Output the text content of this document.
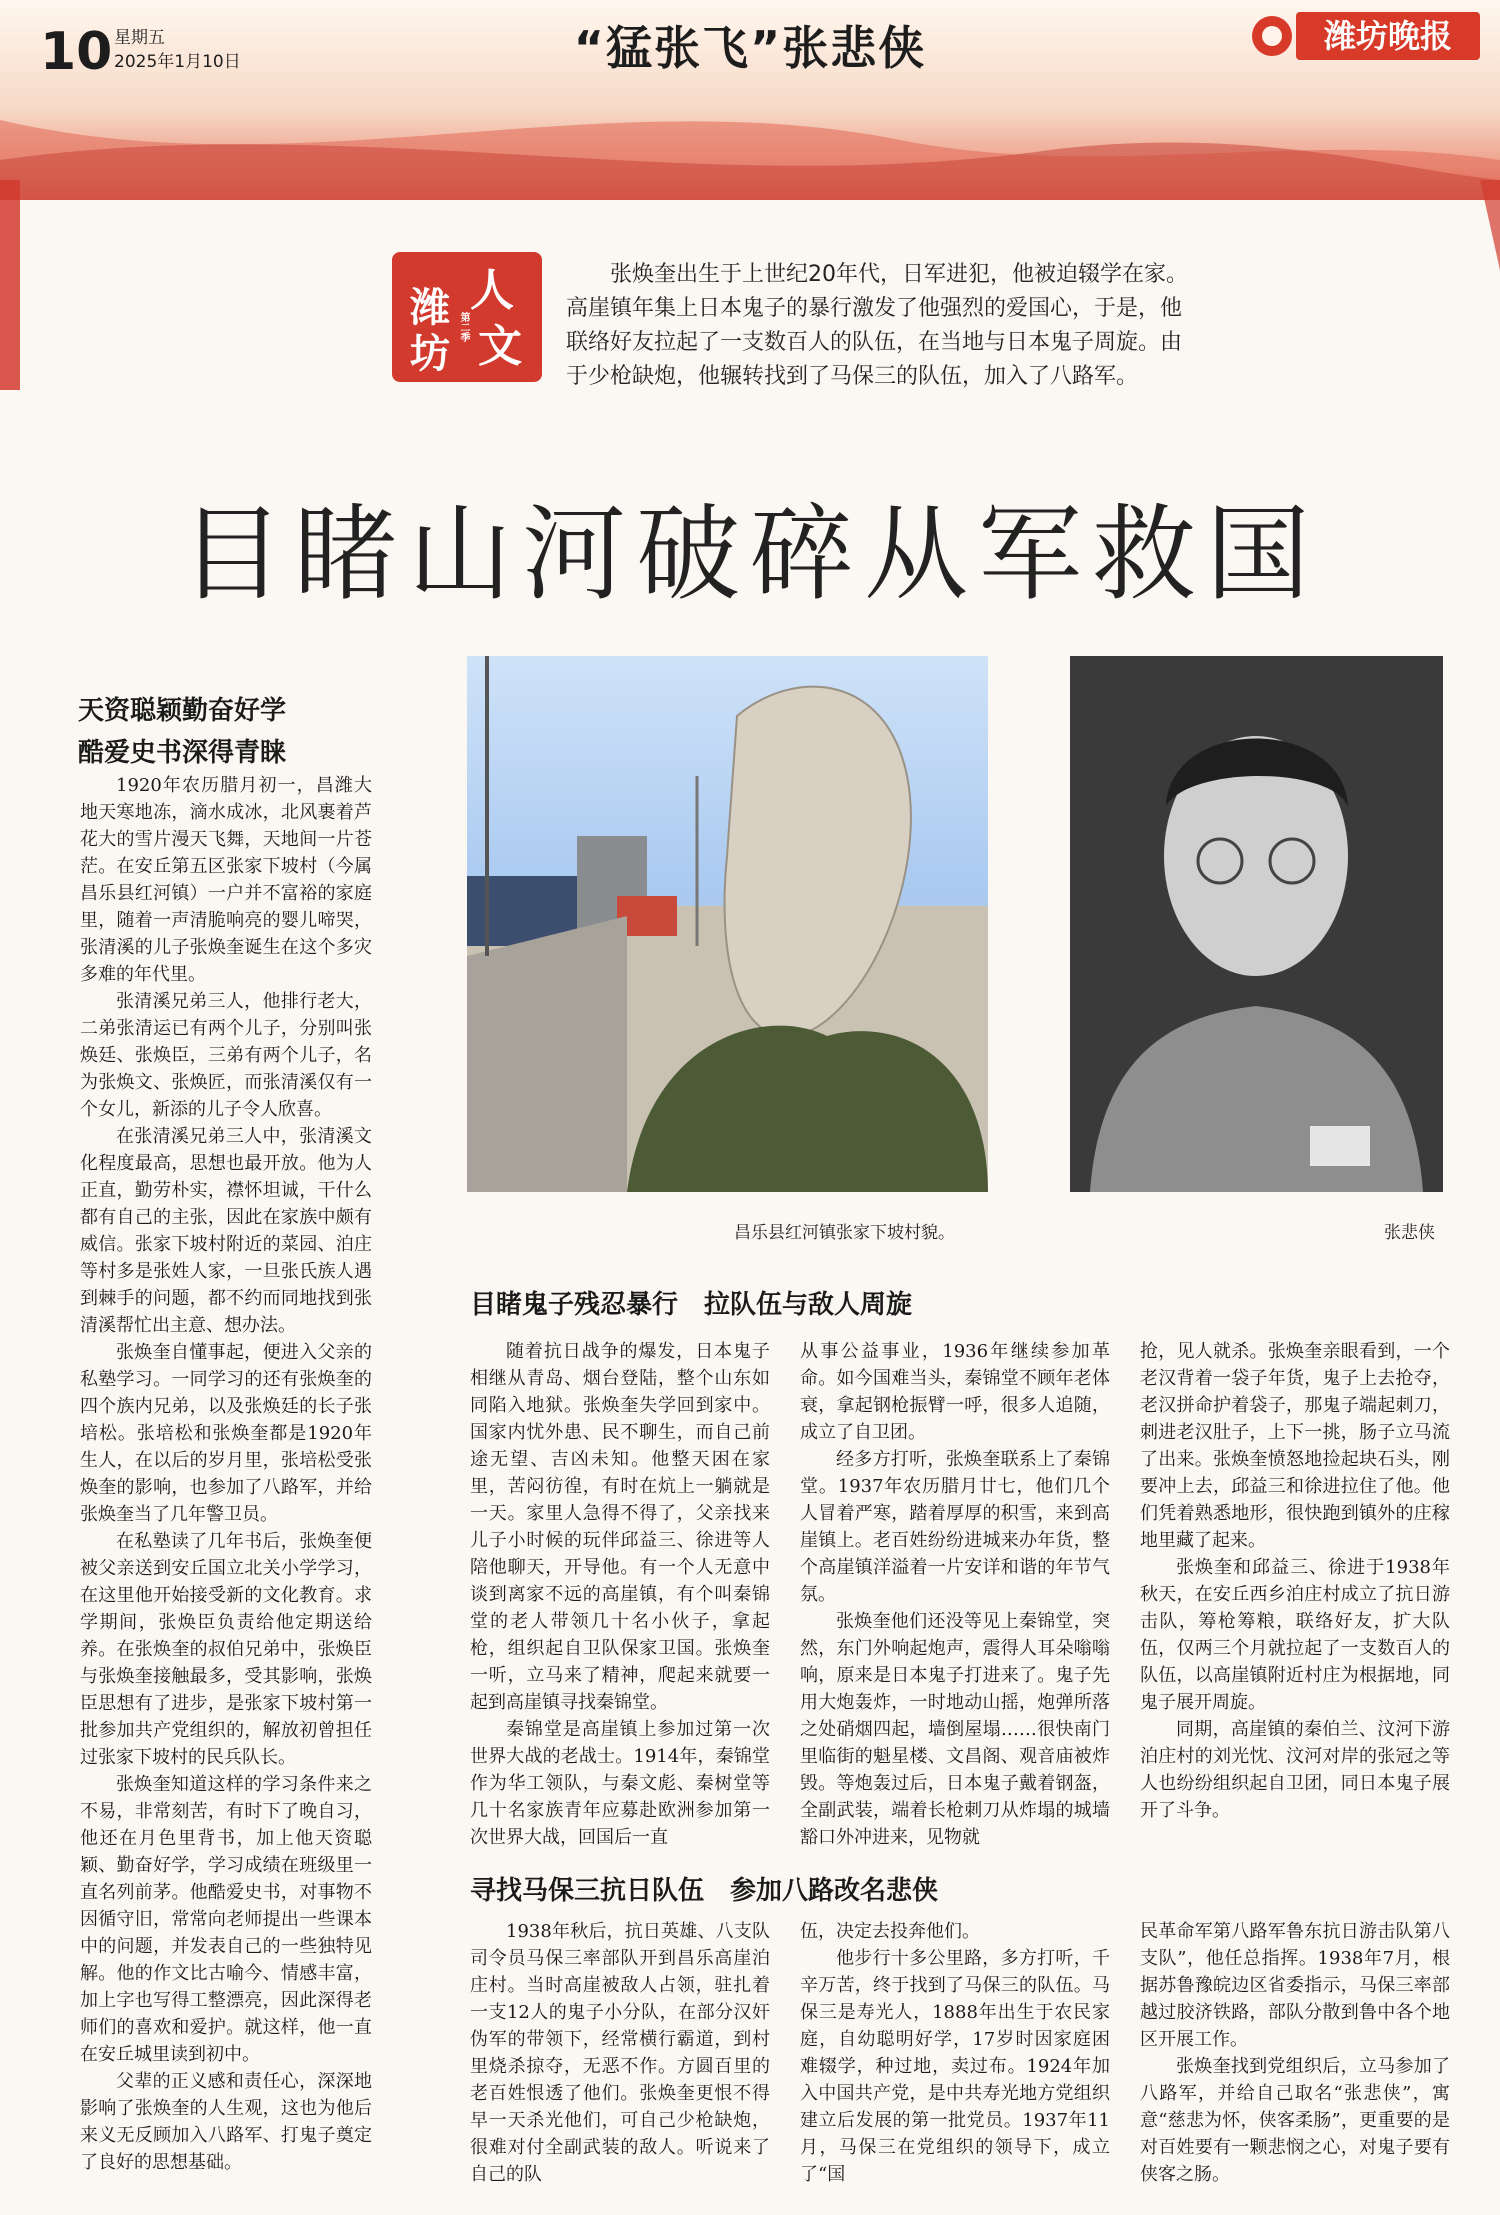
10 星期五
2025年1月10日	“猛张飞”张悲侠	潍坊晚报
潍 人
坊 文
第二季
张焕奎出生于上世纪20年代，日军进犯，他被迫辍学在家。高崖镇年集上日本鬼子的暴行激发了他强烈的爱国心，于是，他联络好友拉起了一支数百人的队伍，在当地与日本鬼子周旋。由于少枪缺炮，他辗转找到了马保三的队伍，加入了八路军。
目睹山河破碎从军救国
天资聪颖勤奋好学
酷爱史书深得青睐

1920年农历腊月初一，昌潍大地天寒地冻，滴水成冰，北风裹着芦花大的雪片漫天飞舞，天地间一片苍茫。在安丘第五区张家下坡村（今属昌乐县红河镇）一户并不富裕的家庭里，随着一声清脆响亮的婴儿啼哭，张清溪的儿子张焕奎诞生在这个多灾多难的年代里。

张清溪兄弟三人，他排行老大，二弟张清运已有两个儿子，分别叫张焕廷、张焕臣，三弟有两个儿子，名为张焕文、张焕匠，而张清溪仅有一个女儿，新添的儿子令人欣喜。

在张清溪兄弟三人中，张清溪文化程度最高，思想也最开放。他为人正直，勤劳朴实，襟怀坦诚，干什么都有自己的主张，因此在家族中颇有威信。张家下坡村附近的菜园、泊庄等村多是张姓人家，一旦张氏族人遇到棘手的问题，都不约而同地找到张清溪帮忙出主意、想办法。

张焕奎自懂事起，便进入父亲的私塾学习。一同学习的还有张焕奎的四个族内兄弟，以及张焕廷的长子张培松。张培松和张焕奎都是1920年生人，在以后的岁月里，张培松受张焕奎的影响，也参加了八路军，并给张焕奎当了几年警卫员。

在私塾读了几年书后，张焕奎便被父亲送到安丘国立北关小学学习，在这里他开始接受新的文化教育。求学期间，张焕臣负责给他定期送给养。在张焕奎的叔伯兄弟中，张焕臣与张焕奎接触最多，受其影响，张焕臣思想有了进步，是张家下坡村第一批参加共产党组织的，解放初曾担任过张家下坡村的民兵队长。

张焕奎知道这样的学习条件来之不易，非常刻苦，有时下了晚自习，他还在月色里背书，加上他天资聪颖、勤奋好学，学习成绩在班级里一直名列前茅。他酷爱史书，对事物不因循守旧，常常向老师提出一些课本中的问题，并发表自己的一些独特见解。他的作文比古喻今、情感丰富，加上字也写得工整漂亮，因此深得老师们的喜欢和爱护。就这样，他一直在安丘城里读到初中。

父辈的正义感和责任心，深深地影响了张焕奎的人生观，这也为他后来义无反顾加入八路军、打鬼子奠定了良好的思想基础。

昌乐县红河镇张家下坡村貌。	张悲侠
目睹鬼子残忍暴行　拉队伍与敌人周旋

随着抗日战争的爆发，日本鬼子相继从青岛、烟台登陆，整个山东如同陷入地狱。张焕奎失学回到家中。国家内忧外患、民不聊生，而自己前途无望、吉凶未知。他整天困在家里，苦闷彷徨，有时在炕上一躺就是一天。家里人急得不得了，父亲找来儿子小时候的玩伴邱益三、徐进等人陪他聊天，开导他。有一个人无意中谈到离家不远的高崖镇，有个叫秦锦堂的老人带领几十名小伙子，拿起枪，组织起自卫队保家卫国。张焕奎一听，立马来了精神，爬起来就要一起到高崖镇寻找秦锦堂。

秦锦堂是高崖镇上参加过第一次世界大战的老战士。1914年，秦锦堂作为华工领队，与秦文彪、秦树堂等几十名家族青年应募赴欧洲参加第一次世界大战，回国后一直

从事公益事业，1936年继续参加革命。如今国难当头，秦锦堂不顾年老体衰，拿起钢枪振臂一呼，很多人追随，成立了自卫团。

经多方打听，张焕奎联系上了秦锦堂。1937年农历腊月廿七，他们几个人冒着严寒，踏着厚厚的积雪，来到高崖镇上。老百姓纷纷进城来办年货，整个高崖镇洋溢着一片安详和谐的年节气氛。

张焕奎他们还没等见上秦锦堂，突然，东门外响起炮声，震得人耳朵嗡嗡响，原来是日本鬼子打进来了。鬼子先用大炮轰炸，一时地动山摇，炮弹所落之处硝烟四起，墙倒屋塌……很快南门里临街的魁星楼、文昌阁、观音庙被炸毁。等炮轰过后，日本鬼子戴着钢盔，全副武装，端着长枪刺刀从炸塌的城墙豁口外冲进来，见物就

抢，见人就杀。张焕奎亲眼看到，一个老汉背着一袋子年货，鬼子上去抢夺，老汉拼命护着袋子，那鬼子端起刺刀，刺进老汉肚子，上下一挑，肠子立马流了出来。张焕奎愤怒地捡起块石头，刚要冲上去，邱益三和徐进拉住了他。他们凭着熟悉地形，很快跑到镇外的庄稼地里藏了起来。

张焕奎和邱益三、徐进于1938年秋天，在安丘西乡泊庄村成立了抗日游击队，筹枪筹粮，联络好友，扩大队伍，仅两三个月就拉起了一支数百人的队伍，以高崖镇附近村庄为根据地，同鬼子展开周旋。

同期，高崖镇的秦伯兰、汶河下游泊庄村的刘光忱、汶河对岸的张冠之等人也纷纷组织起自卫团，同日本鬼子展开了斗争。

寻找马保三抗日队伍　参加八路改名悲侠

1938年秋后，抗日英雄、八支队司令员马保三率部队开到昌乐高崖泊庄村。当时高崖被敌人占领，驻扎着一支12人的鬼子小分队，在部分汉奸伪军的带领下，经常横行霸道，到村里烧杀掠夺，无恶不作。方圆百里的老百姓恨透了他们。张焕奎更恨不得早一天杀光他们，可自己少枪缺炮，很难对付全副武装的敌人。听说来了自己的队

伍，决定去投奔他们。

他步行十多公里路，多方打听，千辛万苦，终于找到了马保三的队伍。马保三是寿光人，1888年出生于农民家庭，自幼聪明好学，17岁时因家庭困难辍学，种过地，卖过布。1924年加入中国共产党，是中共寿光地方党组织建立后发展的第一批党员。1937年11月，马保三在党组织的领导下，成立了“国

民革命军第八路军鲁东抗日游击队第八支队”，他任总指挥。1938年7月，根据苏鲁豫皖边区省委指示，马保三率部越过胶济铁路，部队分散到鲁中各个地区开展工作。

张焕奎找到党组织后，立马参加了八路军，并给自己取名“张悲侠”，寓意“慈悲为怀，侠客柔肠”，更重要的是对百姓要有一颗悲悯之心，对鬼子要有侠客之肠。
